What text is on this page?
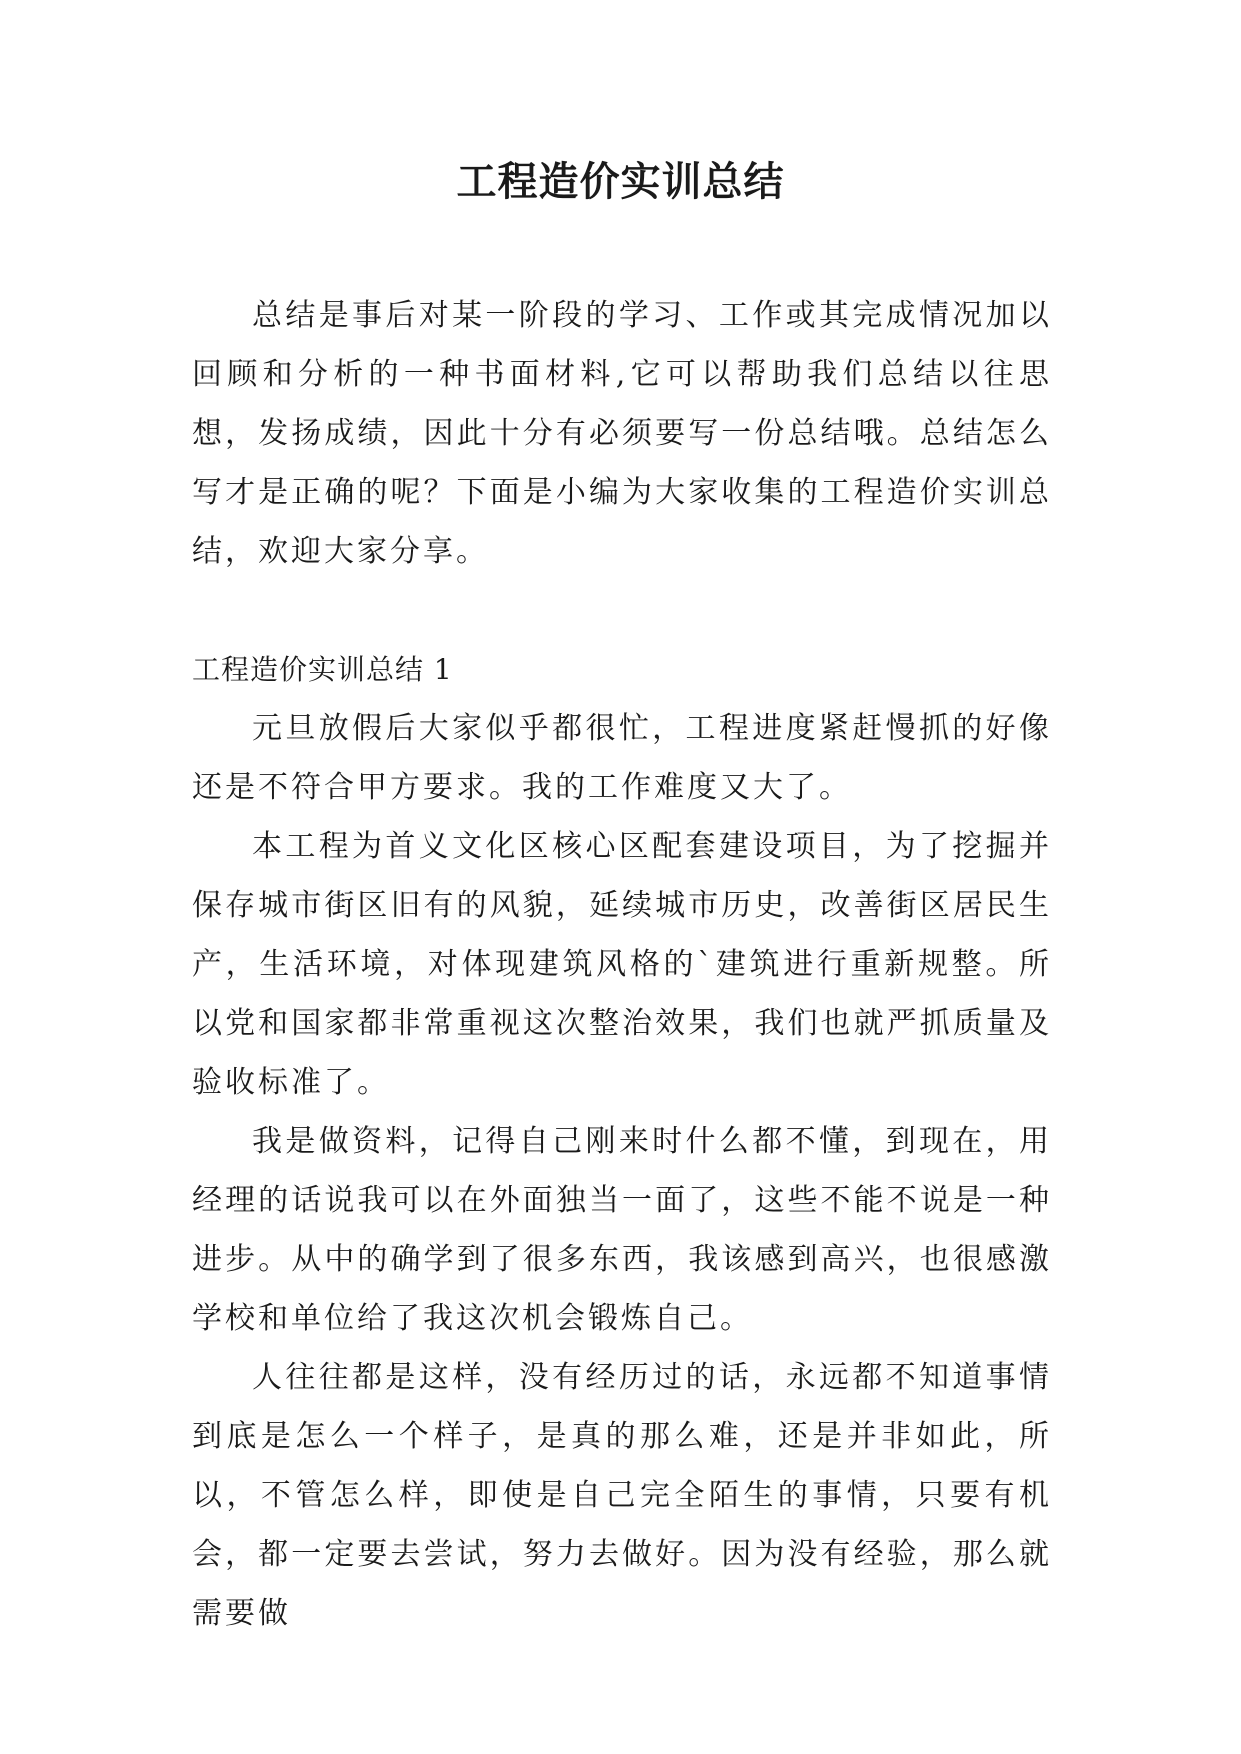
工程造价实训总结

总结是事后对某一阶段的学习、工作或其完成情况加以回顾和分析的一种书面材料,它可以帮助我们总结以往思想，发扬成绩，因此十分有必须要写一份总结哦。总结怎么写才是正确的呢？下面是小编为大家收集的工程造价实训总结，欢迎大家分享。

工程造价实训总结 1

元旦放假后大家似乎都很忙，工程进度紧赶慢抓的好像还是不符合甲方要求。我的工作难度又大了。

本工程为首义文化区核心区配套建设项目，为了挖掘并保存城市街区旧有的风貌，延续城市历史，改善街区居民生产，生活环境，对体现建筑风格的`建筑进行重新规整。所以党和国家都非常重视这次整治效果，我们也就严抓质量及验收标准了。

我是做资料，记得自己刚来时什么都不懂，到现在，用经理的话说我可以在外面独当一面了，这些不能不说是一种进步。从中的确学到了很多东西，我该感到高兴，也很感激学校和单位给了我这次机会锻炼自己。

人往往都是这样，没有经历过的话，永远都不知道事情到底是怎么一个样子，是真的那么难，还是并非如此，所以，不管怎么样，即使是自己完全陌生的事情，只要有机会，都一定要去尝试，努力去做好。因为没有经验，那么就需要做
